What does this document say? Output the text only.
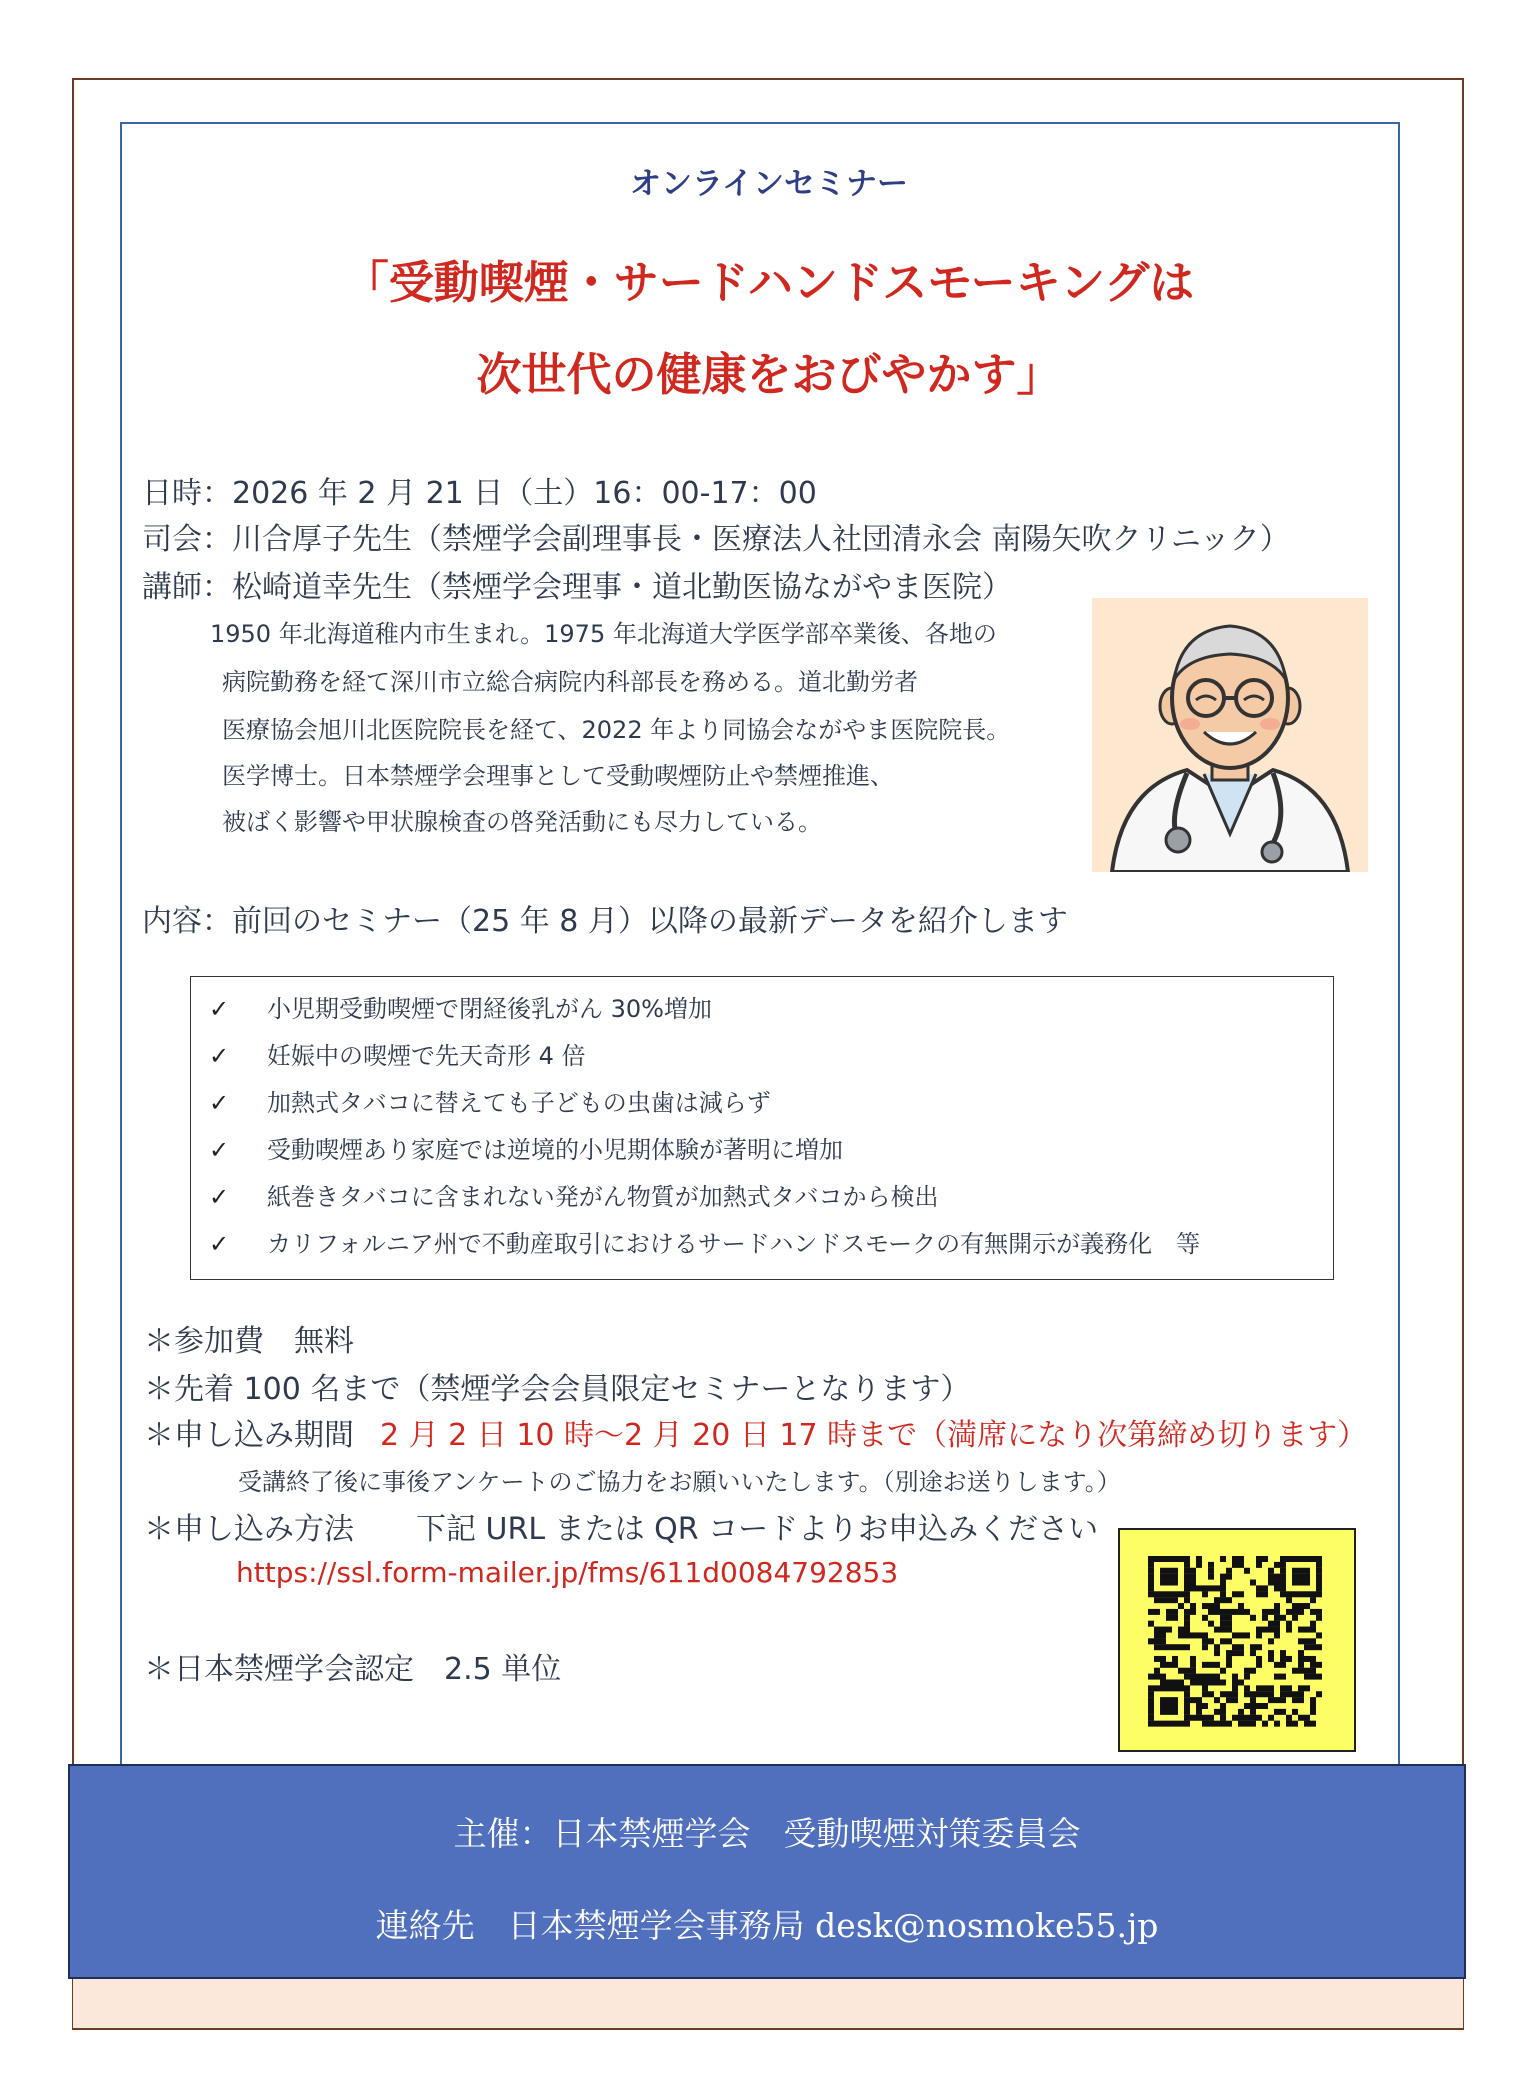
オンラインセミナー
「受動喫煙・サードハンドスモーキングは
次世代の健康をおびやかす」
日時：2026 年 2 月 21 日（土）16：00-17：00
司会：川合厚子先生（禁煙学会副理事長・医療法人社団清永会 南陽矢吹クリニック）
講師：松崎道幸先生（禁煙学会理事・道北勤医協ながやま医院）
1950 年北海道稚内市生まれ。1975 年北海道大学医学部卒業後、各地の
病院勤務を経て深川市立総合病院内科部長を務める。道北勤労者
医療協会旭川北医院院長を経て、2022 年より同協会ながやま医院院長。
医学博士。日本禁煙学会理事として受動喫煙防止や禁煙推進、
被ばく影響や甲状腺検査の啓発活動にも尽力している。
内容：前回のセミナー（25 年 8 月）以降の最新データを紹介します
✓ 小児期受動喫煙で閉経後乳がん 30%増加
✓ 妊娠中の喫煙で先天奇形 4 倍
✓ 加熱式タバコに替えても子どもの虫歯は減らず
✓ 受動喫煙あり家庭では逆境的小児期体験が著明に増加
✓ 紙巻きタバコに含まれない発がん物質が加熱式タバコから検出
✓ カリフォルニア州で不動産取引におけるサードハンドスモークの有無開示が義務化　等
＊参加費　無料
＊先着 100 名まで（禁煙学会会員限定セミナーとなります）
＊申し込み期間 2 月 2 日 10 時～2 月 20 日 17 時まで（満席になり次第締め切ります）
受講終了後に事後アンケートのご協力をお願いいたします。（別途お送りします。）
＊申し込み方法 下記 URL または QR コードよりお申込みください
https://ssl.form-mailer.jp/fms/611d0084792853
＊日本禁煙学会認定　2.5 単位
主催：日本禁煙学会　受動喫煙対策委員会
連絡先　日本禁煙学会事務局 desk@nosmoke55.jp
